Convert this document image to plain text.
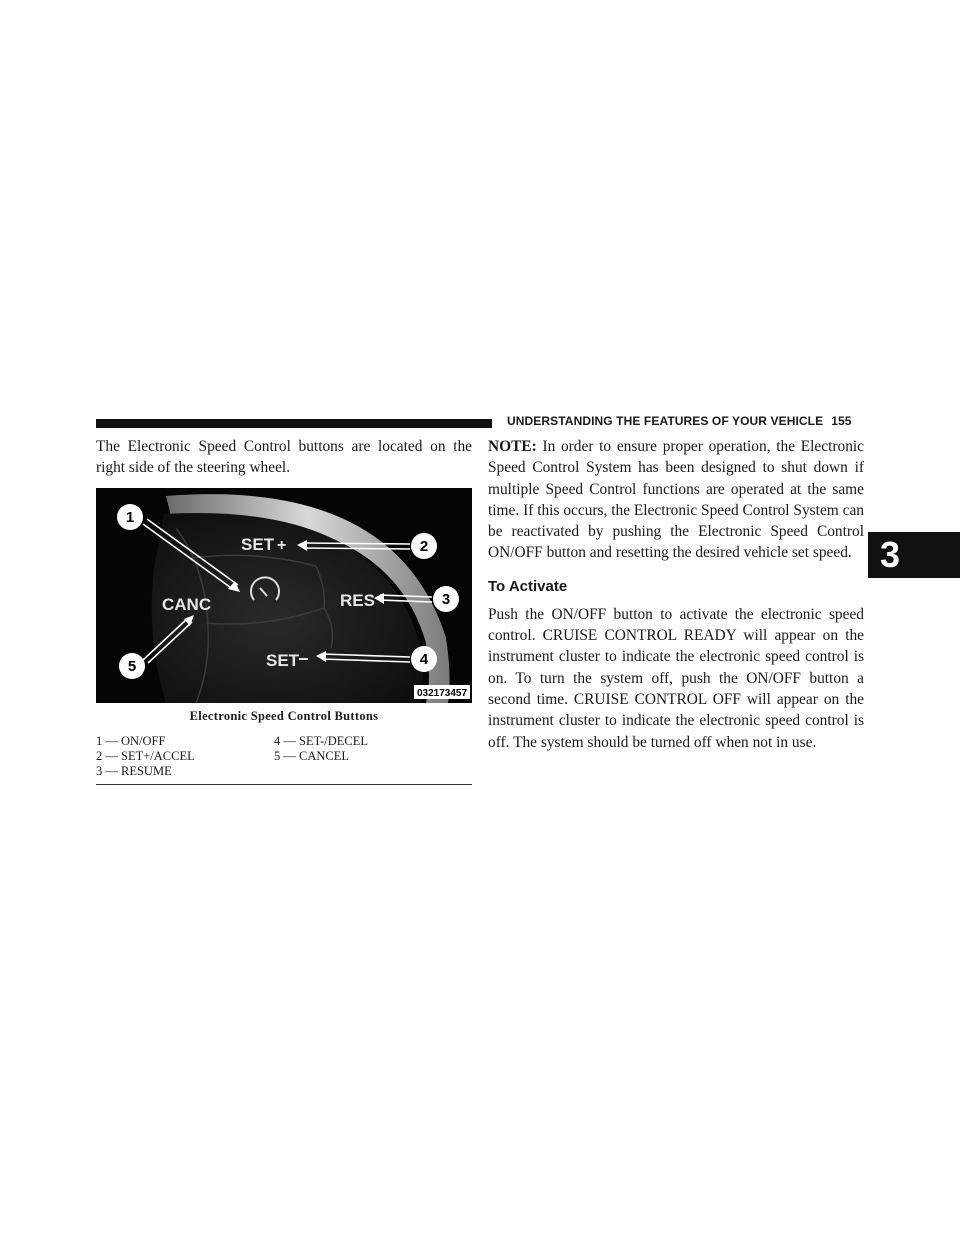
UNDERSTANDING THE FEATURES OF YOUR VEHICLE 155
3

The Electronic Speed Control buttons are located on the right side of the steering wheel.

SET +
RES
CANC
SET
−
1
2
3
4
5
032173457
Electronic Speed Control Buttons
1 — ON/OFF	4 — SET-/DECEL
2 — SET+/ACCEL	5 — CANCEL
3 — RESUME

NOTE: In order to ensure proper operation, the Electronic Speed Control System has been designed to shut down if multiple Speed Control functions are operated at the same time. If this occurs, the Electronic Speed Control System can be reactivated by pushing the Electronic Speed Control ON/OFF button and resetting the desired vehicle set speed.

To Activate

Push the ON/OFF button to activate the electronic speed control. CRUISE CONTROL READY will appear on the instrument cluster to indicate the electronic speed control is on. To turn the system off, push the ON/OFF button a second time. CRUISE CONTROL OFF will appear on the instrument cluster to indicate the electronic speed control is off. The system should be turned off when not in use.
